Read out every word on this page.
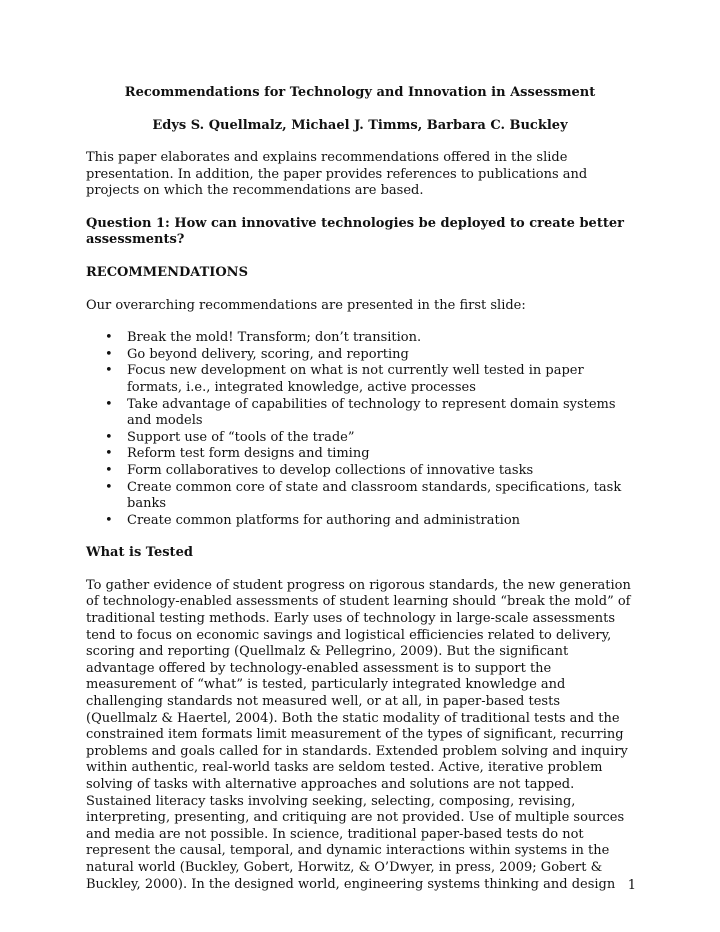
Recommendations for Technology and Innovation in Assessment
Edys S. Quellmalz, Michael J. Timms, Barbara C. Buckley

This paper elaborates and explains recommendations offered in the slide presentation. In addition, the paper provides references to publications and projects on which the recommendations are based.

Question 1: How can innovative technologies be deployed to create better assessments?
RECOMMENDATIONS

Our overarching recommendations are presented in the first slide:

• Break the mold! Transform; don’t transition.
• Go beyond delivery, scoring, and reporting
• Focus new development on what is not currently well tested in paper formats, i.e., integrated knowledge, active processes
• Take advantage of capabilities of technology to represent domain systems and models
• Support use of “tools of the trade”
• Reform test form designs and timing
• Form collaboratives to develop collections of innovative tasks
• Create common core of state and classroom standards, specifications, task banks
• Create common platforms for authoring and administration
What is Tested

To gather evidence of student progress on rigorous standards, the new generation of technology-enabled assessments of student learning should “break the mold” of traditional testing methods. Early uses of technology in large-scale assessments tend to focus on economic savings and logistical efficiencies related to delivery, scoring and reporting (Quellmalz & Pellegrino, 2009). But the significant advantage offered by technology-enabled assessment is to support the measurement of “what” is tested, particularly integrated knowledge and challenging standards not measured well, or at all, in paper-based tests (Quellmalz & Haertel, 2004). Both the static modality of traditional tests and the constrained item formats limit measurement of the types of significant, recurring problems and goals called for in standards. Extended problem solving and inquiry within authentic, real-world tasks are seldom tested. Active, iterative problem solving of tasks with alternative approaches and solutions are not tapped. Sustained literacy tasks involving seeking, selecting, composing, revising, interpreting, presenting, and critiquing are not provided. Use of multiple sources and media are not possible. In science, traditional paper-based tests do not represent the causal, temporal, and dynamic interactions within systems in the natural world (Buckley, Gobert, Horwitz, & O’Dwyer, in press, 2009; Gobert & Buckley, 2000). In the designed world, engineering systems thinking and design 1
